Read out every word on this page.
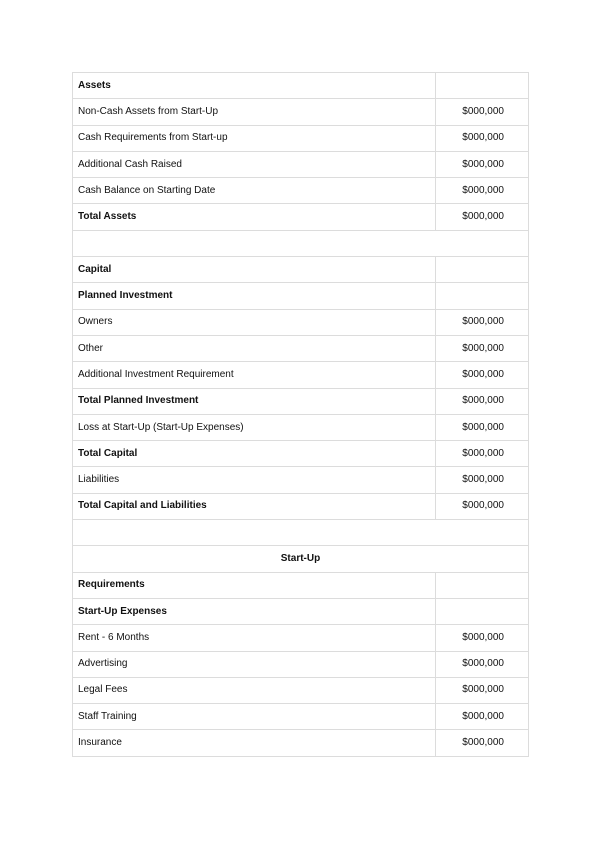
Assets	
Non-Cash Assets from Start-Up	$000,000
Cash Requirements from Start-up	$000,000
Additional Cash Raised	$000,000
Cash Balance on Starting Date	$000,000
Total Assets	$000,000

Capital	
Planned Investment	
Owners	$000,000
Other	$000,000
Additional Investment Requirement	$000,000
Total Planned Investment	$000,000
Loss at Start-Up (Start-Up Expenses)	$000,000
Total Capital	$000,000
Liabilities	$000,000
Total Capital and Liabilities	$000,000

Start-Up	
Requirements	
Start-Up Expenses	
Rent - 6 Months	$000,000
Advertising	$000,000
Legal Fees	$000,000
Staff Training	$000,000
Insurance	$000,000
